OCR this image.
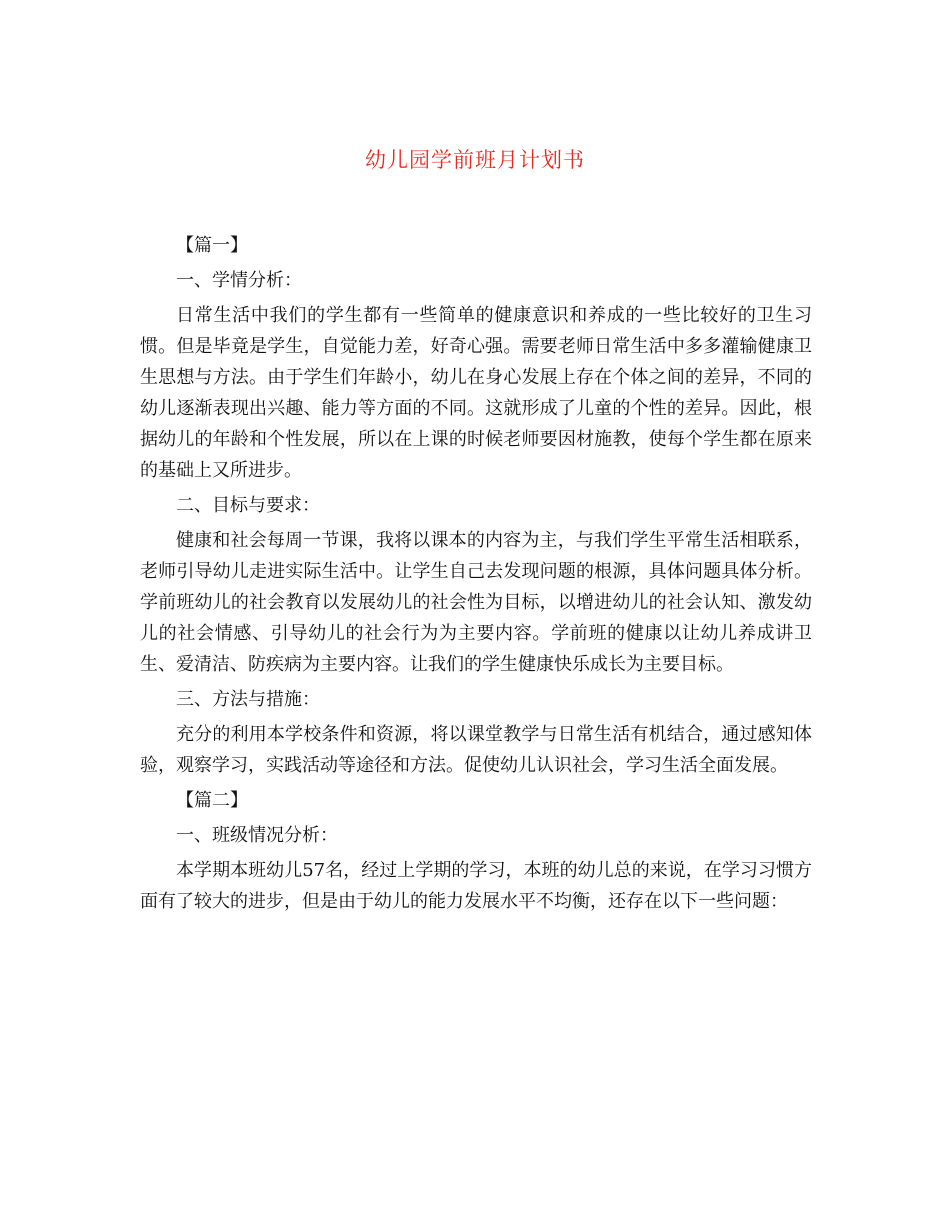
幼儿园学前班月计划书

【篇一】

一、学情分析：

日常生活中我们的学生都有一些简单的健康意识和养成的一些比较好的卫生习惯。但是毕竟是学生，自觉能力差，好奇心强。需要老师日常生活中多多灌输健康卫生思想与方法。由于学生们年龄小，幼儿在身心发展上存在个体之间的差异，不同的幼儿逐渐表现出兴趣、能力等方面的不同。这就形成了儿童的个性的差异。因此，根据幼儿的年龄和个性发展，所以在上课的时候老师要因材施教，使每个学生都在原来的基础上又所进步。

二、目标与要求：

健康和社会每周一节课，我将以课本的内容为主，与我们学生平常生活相联系，老师引导幼儿走进实际生活中。让学生自己去发现问题的根源，具体问题具体分析。学前班幼儿的社会教育以发展幼儿的社会性为目标，以增进幼儿的社会认知、激发幼儿的社会情感、引导幼儿的社会行为为主要内容。学前班的健康以让幼儿养成讲卫生、爱清洁、防疾病为主要内容。让我们的学生健康快乐成长为主要目标。

三、方法与措施：

充分的利用本学校条件和资源，将以课堂教学与日常生活有机结合，通过感知体验，观察学习，实践活动等途径和方法。促使幼儿认识社会，学习生活全面发展。

【篇二】

一、班级情况分析：

本学期本班幼儿57名，经过上学期的学习，本班的幼儿总的来说，在学习习惯方面有了较大的进步，但是由于幼儿的能力发展水平不均衡，还存在以下一些问题：
